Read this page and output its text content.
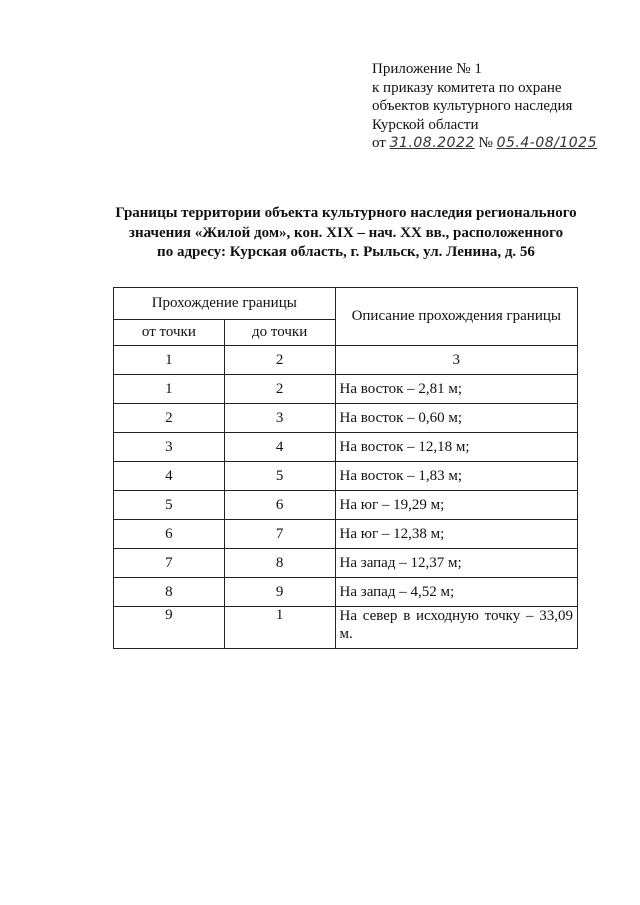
Приложение № 1
к приказу комитета по охране
объектов культурного наследия
Курской области
от 31.08.2022 № 05.4-08/1025
Границы территории объекта культурного наследия регионального
значения «Жилой дом», кон. XIX – нач. XX вв., расположенного
по адресу: Курская область, г. Рыльск, ул. Ленина, д. 56
Прохождение границы		Описание прохождения границы
от точки	до точки	
1	2	3
1	2	На восток – 2,81 м;
2	3	На восток – 0,60 м;
3	4	На восток – 12,18 м;
4	5	На восток – 1,83 м;
5	6	На юг – 19,29 м;
6	7	На юг – 12,38 м;
7	8	На запад – 12,37 м;
8	9	На запад – 4,52 м;
9	1	На север в исходную точку – 33,09 м.
